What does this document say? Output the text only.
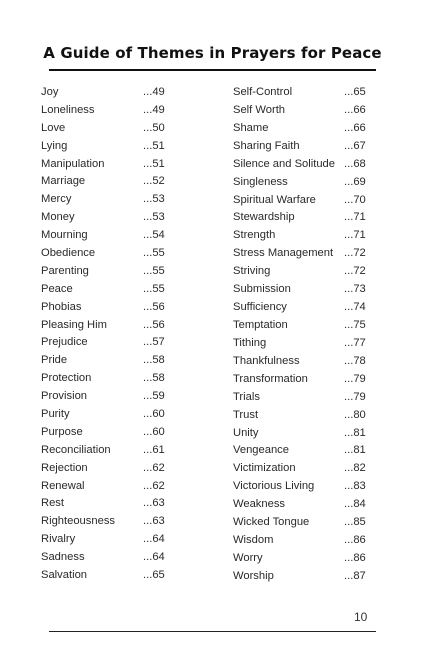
A Guide of Themes in Prayers for Peace
Joy	...49
Loneliness	...49
Love	...50
Lying	...51
Manipulation	...51
Marriage	...52
Mercy	...53
Money	...53
Mourning	...54
Obedience	...55
Parenting	...55
Peace	...55
Phobias	...56
Pleasing Him	...56
Prejudice	...57
Pride	...58
Protection	...58
Provision	...59
Purity	...60
Purpose	...60
Reconciliation	...61
Rejection	...62
Renewal	...62
Rest	...63
Righteousness ...63
Rivalry	...64
Sadness	...64
Salvation	...65
Self-Control	...65
Self Worth	...66
Shame	...66
Sharing Faith	...67
Silence and Solitude ...68
Singleness	...69
Spiritual Warfare	...70
Stewardship	...71
Strength	...71
Stress Management ...72
Striving	...72
Submission	...73
Sufficiency	...74
Temptation	...75
Tithing	...77
Thankfulness	...78
Transformation	...79
Trials	...79
Trust	...80
Unity	...81
Vengeance	...81
Victimization	...82
Victorious Living	...83
Weakness	...84
Wicked Tongue	...85
Wisdom	...86
Worry	...86
Worship	...87
10
